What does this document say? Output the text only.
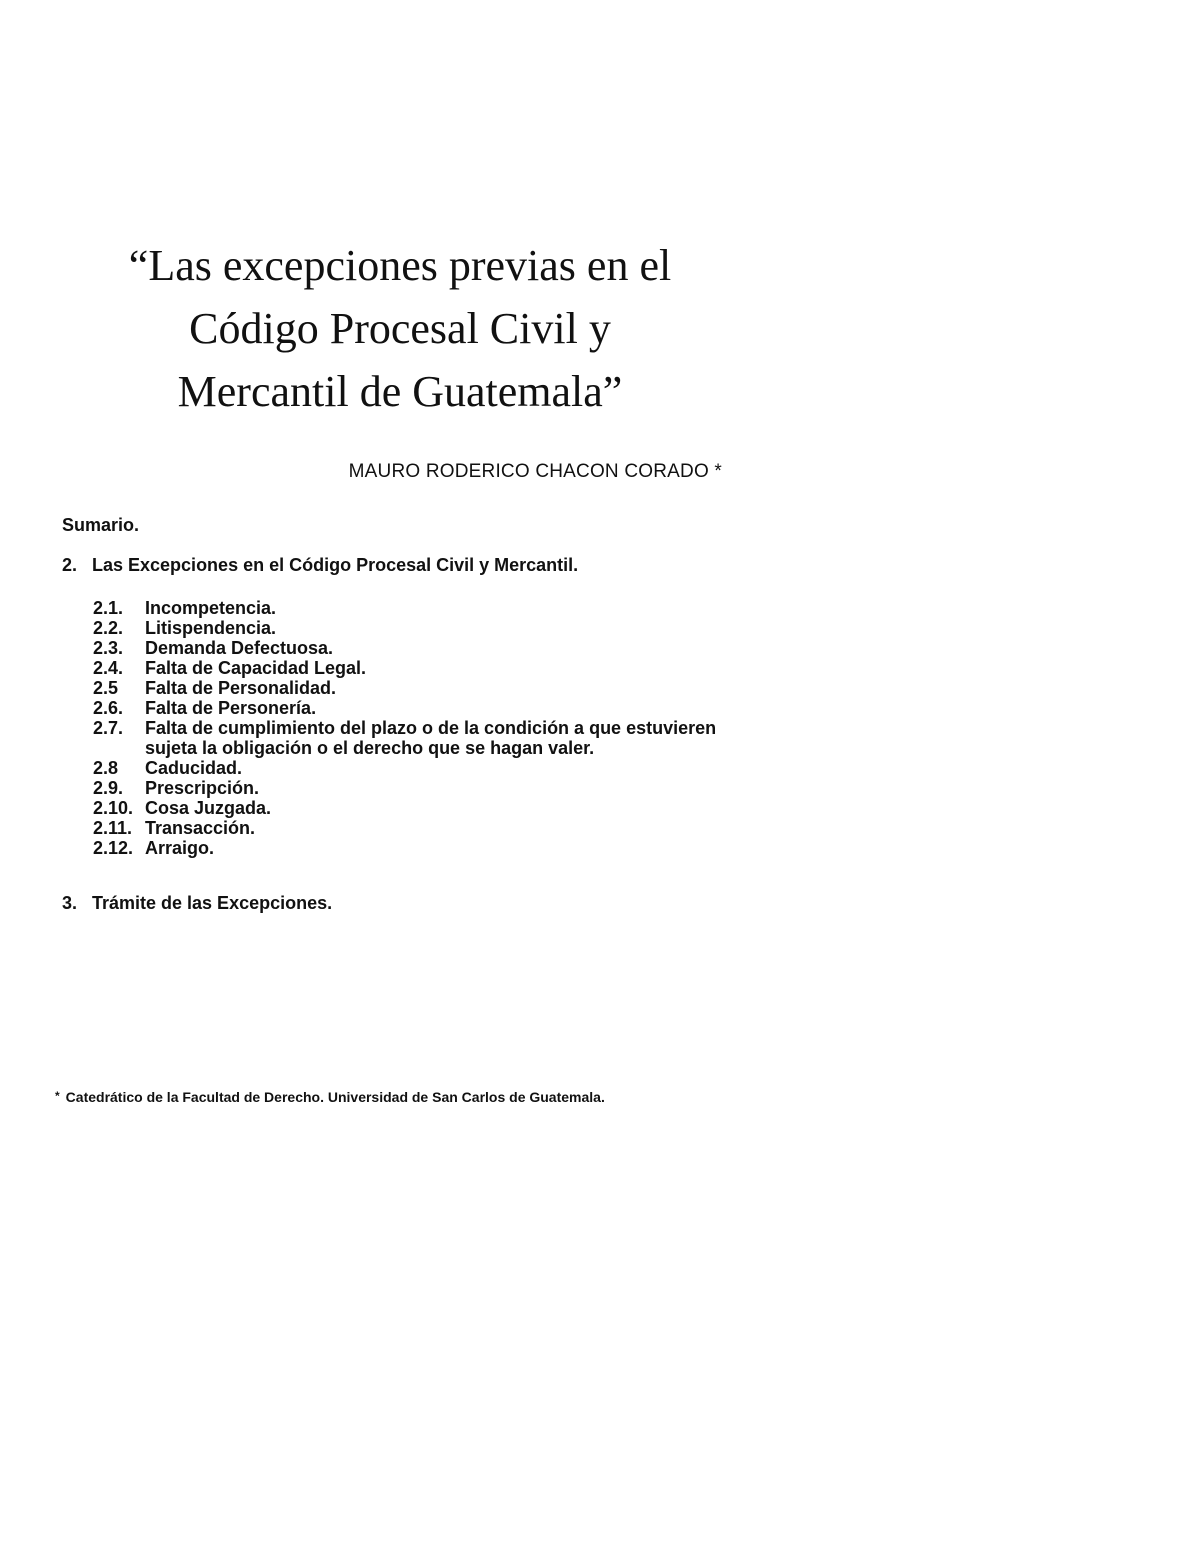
“Las excepciones previas en el
Código Procesal Civil y
Mercantil de Guatemala”
MAURO RODERICO CHACON CORADO *
Sumario.
2. Las Excepciones en el Código Procesal Civil y Mercantil.
2.1.	Incompetencia.
2.2.	Litispendencia.
2.3.	Demanda Defectuosa.
2.4.	Falta de Capacidad Legal.
2.5	Falta de Personalidad.
2.6.	Falta de Personería.
2.7.	Falta de cumplimiento del plazo o de la condición a que estuvieren sujeta la obligación o el derecho que se hagan valer.
2.8	Caducidad.
2.9.	Prescripción.
2.10. Cosa Juzgada.
2.11. Transacción.
2.12. Arraigo.
3. Trámite de las Excepciones.
* Catedrático de la Facultad de Derecho. Universidad de San Carlos de Guatemala.
